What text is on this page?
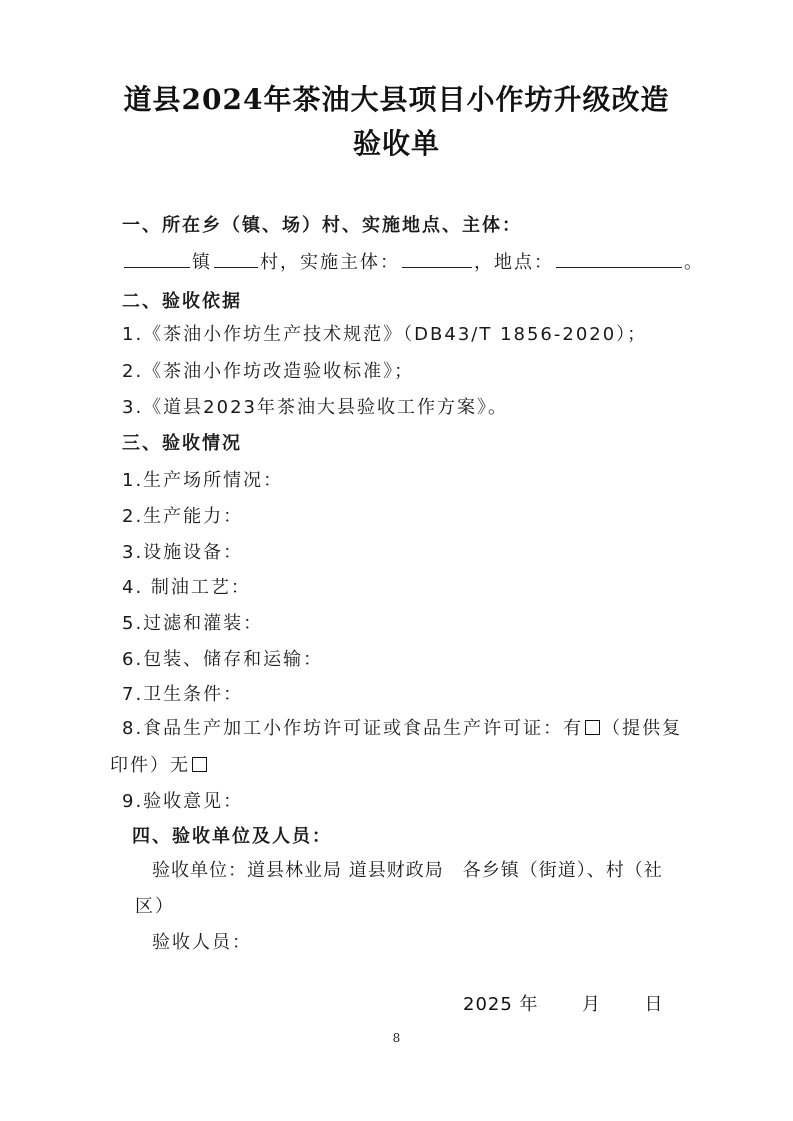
道县2024年茶油大县项目小作坊升级改造
验收单
一、所在乡（镇、场）村、实施地点、主体：
镇	村，实施主体：	，地点：	。
二、验收依据
1.《茶油小作坊生产技术规范》（DB43/T 1856-2020）；
2.《茶油小作坊改造验收标准》；
3.《道县2023年茶油大县验收工作方案》。
三、验收情况
1.生产场所情况：
2.生产能力：
3.设施设备：
4. 制油工艺：
5.过滤和灌装：
6.包装、储存和运输：
7.卫生条件：
8.食品生产加工小作坊许可证或食品生产许可证：有 （提供复
印件）无
9.验收意见：
四、验收单位及人员：
验收单位：道县林业局 道县财政局　各乡镇（街道）、村（社
区）
验收人员：
2025 年 月 日
8
